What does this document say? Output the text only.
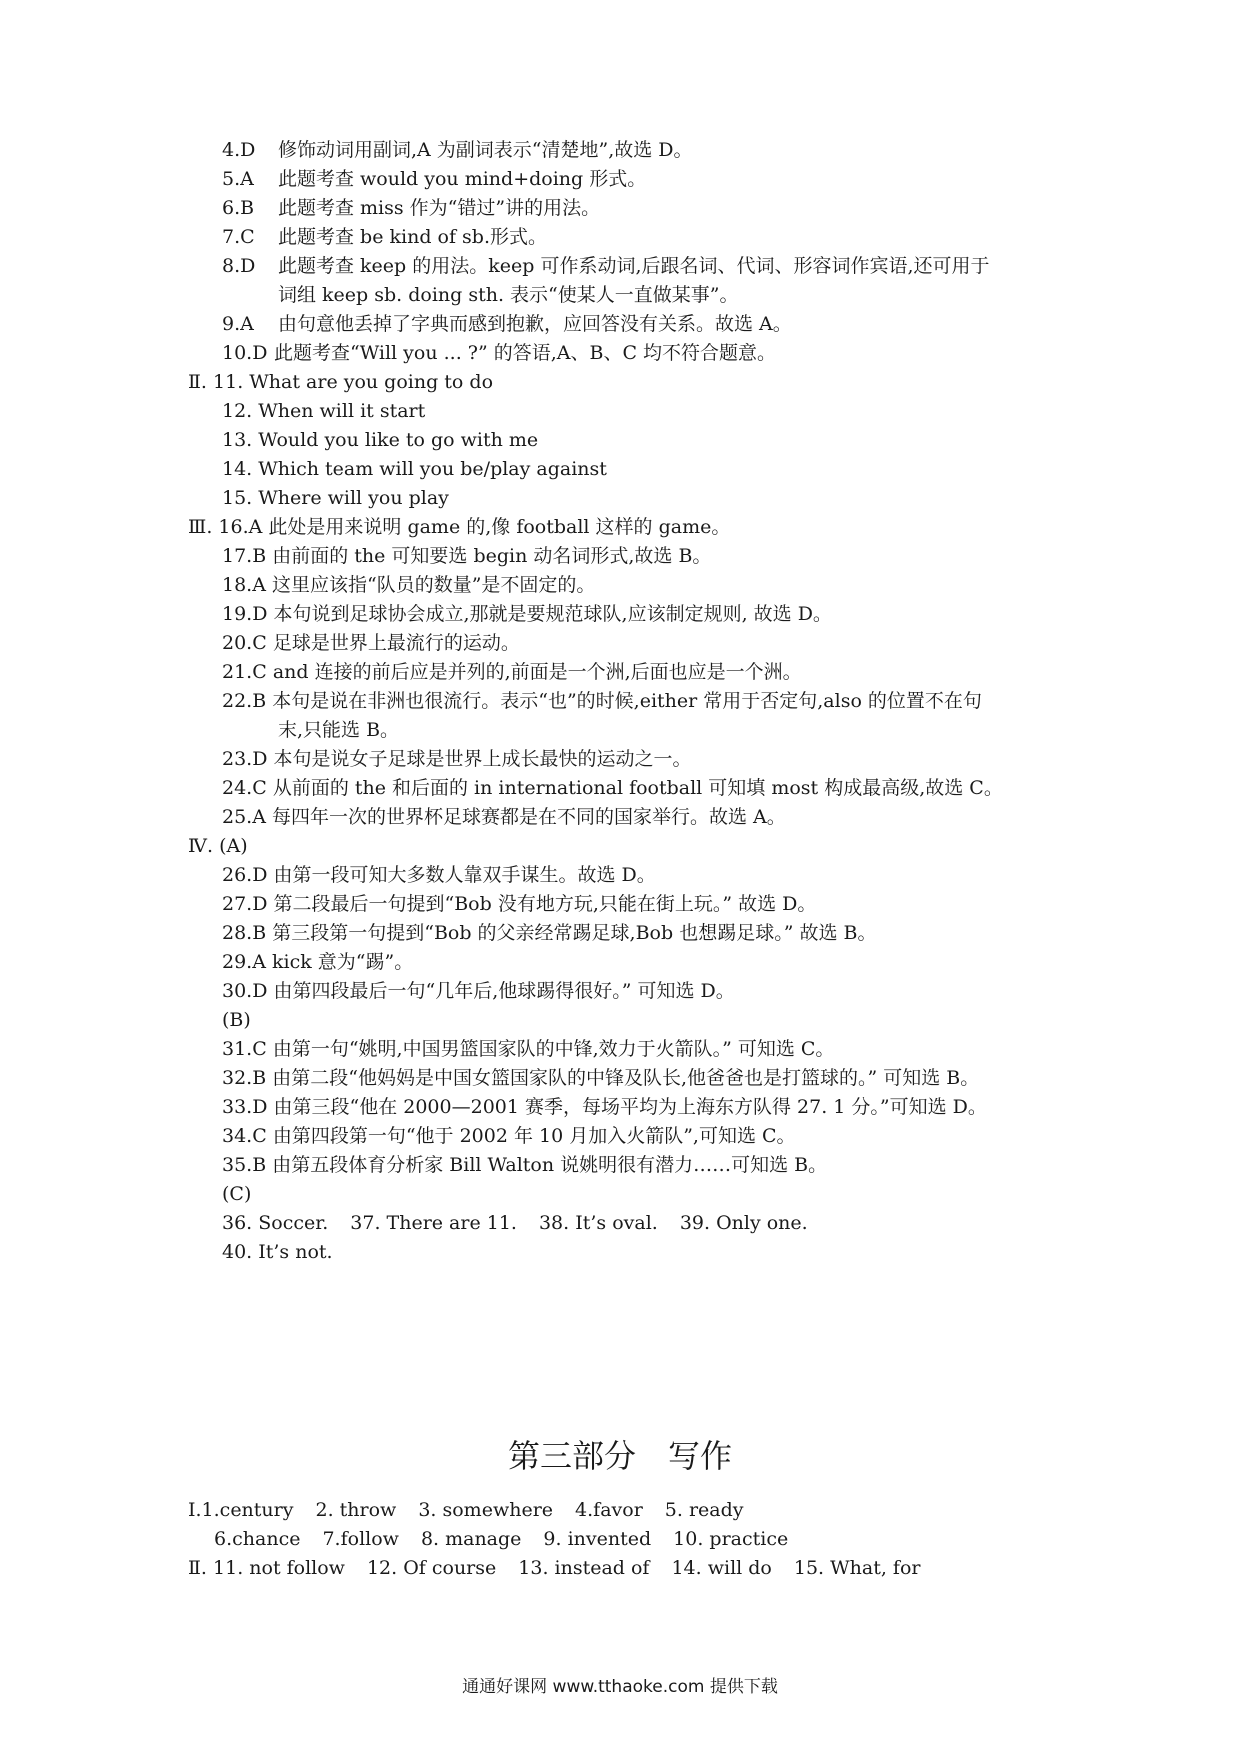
4.D 修饰动词用副词,A 为副词表示“清楚地”,故选 D。
5.A 此题考查 would you mind+doing 形式。
6.B 此题考查 miss 作为“错过”讲的用法。
7.C 此题考查 be kind of sb.形式。
8.D 此题考查 keep 的用法。keep 可作系动词,后跟名词、代词、形容词作宾语,还可用于
词组 keep sb. doing sth. 表示“使某人一直做某事”。
9.A 由句意他丢掉了字典而感到抱歉，应回答没有关系。故选 A。
10.D 此题考查“Will you ... ?” 的答语,A、B、C 均不符合题意。
Ⅱ. 11. What are you going to do
12. When will it start
13. Would you like to go with me
14. Which team will you be/play against
15. Where will you play
Ⅲ. 16.A 此处是用来说明 game 的,像 football 这样的 game。
17.B 由前面的 the 可知要选 begin 动名词形式,故选 B。
18.A 这里应该指“队员的数量”是不固定的。
19.D 本句说到足球协会成立,那就是要规范球队,应该制定规则, 故选 D。
20.C 足球是世界上最流行的运动。
21.C and 连接的前后应是并列的,前面是一个洲,后面也应是一个洲。
22.B 本句是说在非洲也很流行。表示“也”的时候,either 常用于否定句,also 的位置不在句
末,只能选 B。
23.D 本句是说女子足球是世界上成长最快的运动之一。
24.C 从前面的 the 和后面的 in international football 可知填 most 构成最高级,故选 C。
25.A 每四年一次的世界杯足球赛都是在不同的国家举行。故选 A。
Ⅳ. (A)
26.D 由第一段可知大多数人靠双手谋生。故选 D。
27.D 第二段最后一句提到“Bob 没有地方玩,只能在街上玩。” 故选 D。
28.B 第三段第一句提到“Bob 的父亲经常踢足球,Bob 也想踢足球。” 故选 B。
29.A kick 意为“踢”。
30.D 由第四段最后一句“几年后,他球踢得很好。” 可知选 D。
(B)
31.C 由第一句“姚明,中国男篮国家队的中锋,效力于火箭队。” 可知选 C。
32.B 由第二段“他妈妈是中国女篮国家队的中锋及队长,他爸爸也是打篮球的。” 可知选 B。
33.D 由第三段“他在 2000—2001 赛季，每场平均为上海东方队得 27. 1 分。”可知选 D。
34.C 由第四段第一句“他于 2002 年 10 月加入火箭队”,可知选 C。
35.B 由第五段体育分析家 Bill Walton 说姚明很有潜力……可知选 B。
(C)
36. Soccer. 37. There are 11. 38. It’s oval. 39. Only one.
40. It’s not.
第三部分　写作
Ⅰ.1.century 2. throw 3. somewhere 4.favor 5. ready
6.chance 7.follow 8. manage 9. invented 10. practice
Ⅱ. 11. not follow 12. Of course 13. instead of 14. will do 15. What, for
通通好课网 www.tthaoke.com 提供下载
